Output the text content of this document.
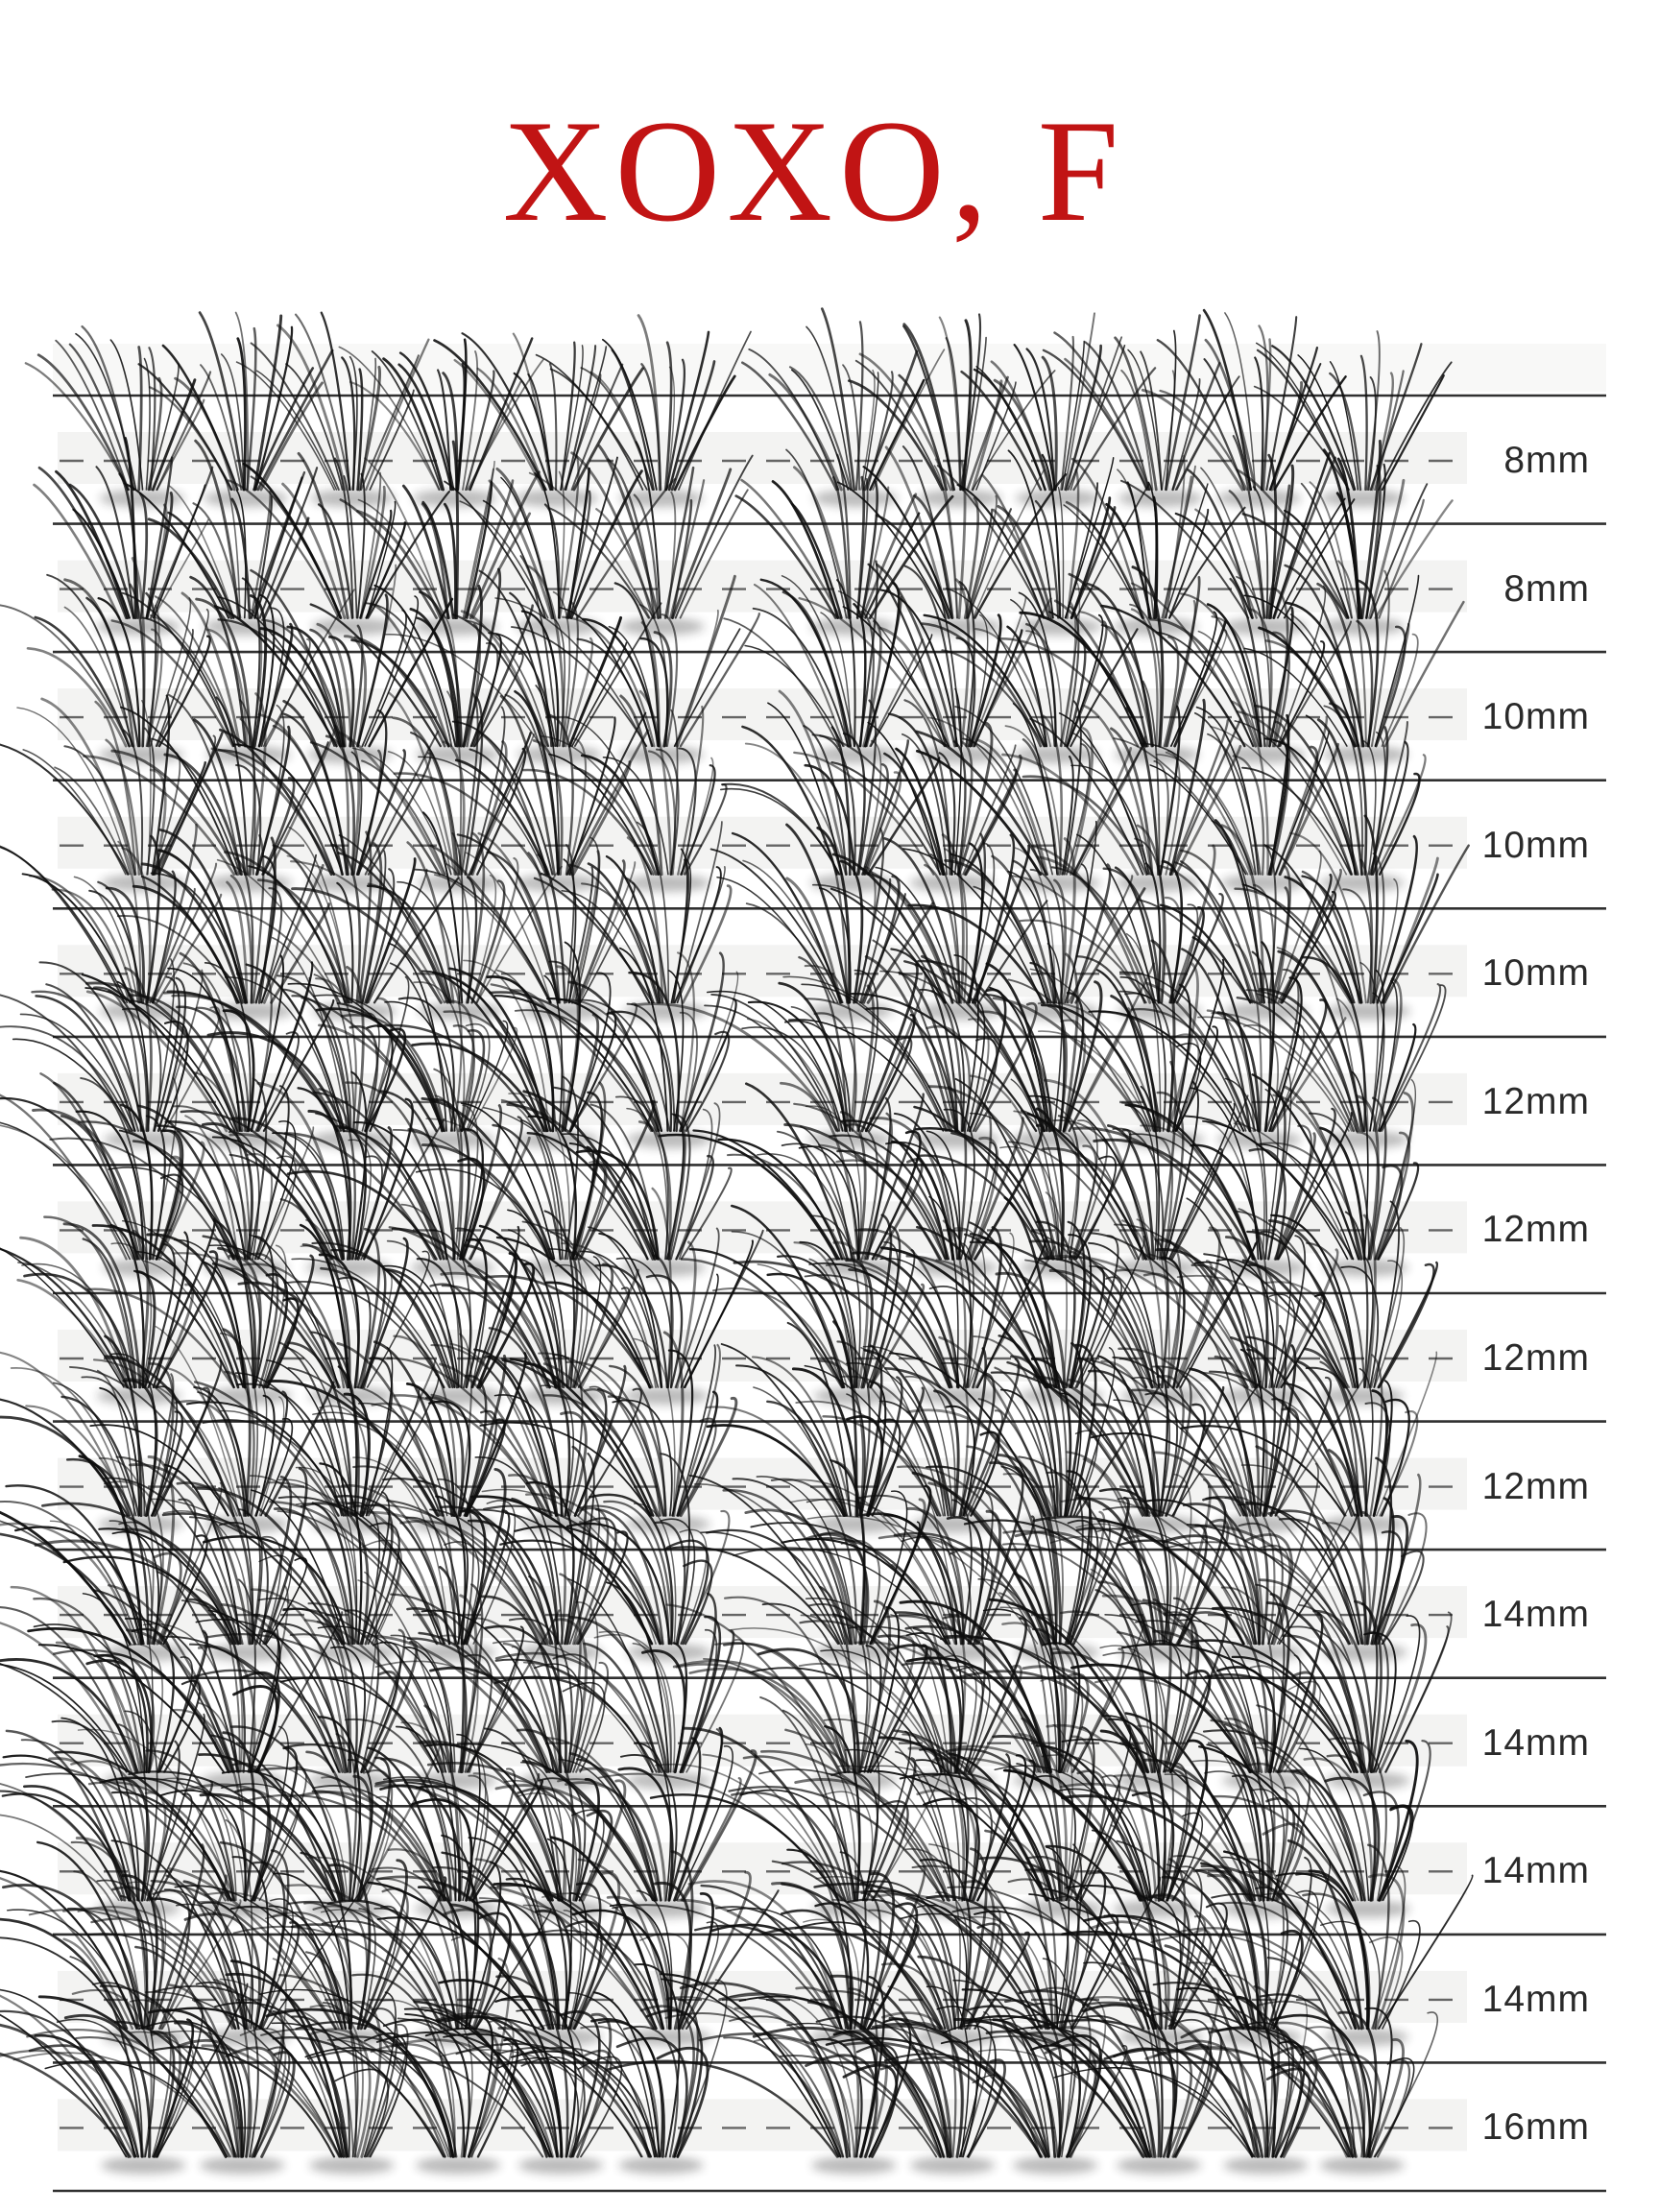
XOXO, F
8mm
8mm
10mm
10mm
10mm
12mm
12mm
12mm
12mm
14mm
14mm
14mm
14mm
16mm
